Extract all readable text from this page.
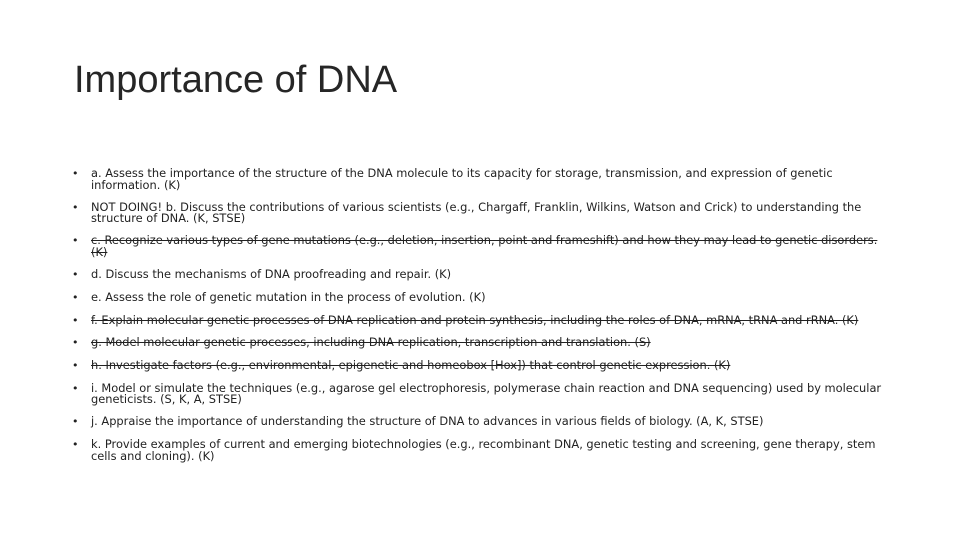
Importance of DNA
• a. Assess the importance of the structure of the DNA molecule to its capacity for storage, transmission, and expression of genetic information. (K)
• NOT DOING! b. Discuss the contributions of various scientists (e.g., Chargaff, Franklin, Wilkins, Watson and Crick) to understanding the structure of DNA. (K, STSE)
• c. Recognize various types of gene mutations (e.g., deletion, insertion, point and frameshift) and how they may lead to genetic disorders. (K)
• d. Discuss the mechanisms of DNA proofreading and repair. (K)
• e. Assess the role of genetic mutation in the process of evolution. (K)
• f. Explain molecular genetic processes of DNA replication and protein synthesis, including the roles of DNA, mRNA, tRNA and rRNA. (K)
• g. Model molecular genetic processes, including DNA replication, transcription and translation. (S)
• h. Investigate factors (e.g., environmental, epigenetic and homeobox [Hox]) that control genetic expression. (K)
• i. Model or simulate the techniques (e.g., agarose gel electrophoresis, polymerase chain reaction and DNA sequencing) used by molecular geneticists. (S, K, A, STSE)
• j. Appraise the importance of understanding the structure of DNA to advances in various fields of biology. (A, K, STSE)
• k. Provide examples of current and emerging biotechnologies (e.g., recombinant DNA, genetic testing and screening, gene therapy, stem cells and cloning). (K)
